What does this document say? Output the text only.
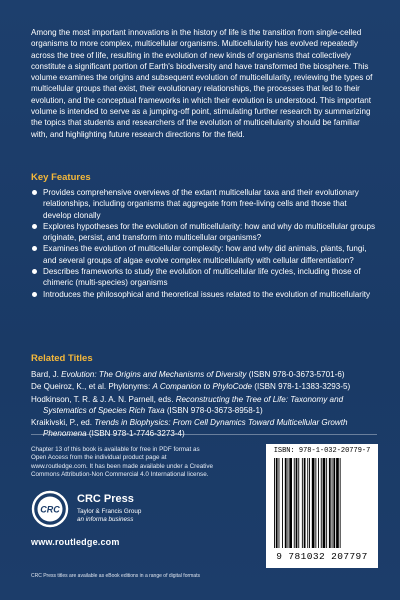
Among the most important innovations in the history of life is the transition from single-celled organisms to more complex, multicellular organisms. Multicellularity has evolved repeatedly across the tree of life, resulting in the evolution of new kinds of organisms that collectively constitute a significant portion of Earth's biodiversity and have transformed the biosphere. This volume examines the origins and subsequent evolution of multicellularity, reviewing the types of multicellular groups that exist, their evolutionary relationships, the processes that led to their evolution, and the conceptual frameworks in which their evolution is understood. This important volume is intended to serve as a jumping-off point, stimulating further research by summarizing the topics that students and researchers of the evolution of multicellularity should be familiar with, and highlighting future research directions for the field.
Key Features
Provides comprehensive overviews of the extant multicellular taxa and their evolutionary relationships, including organisms that aggregate from free-living cells and those that develop clonally
Explores hypotheses for the evolution of multicellularity: how and why do multicellular groups originate, persist, and transform into multicellular organisms?
Examines the evolution of multicellular complexity: how and why did animals, plants, fungi, and several groups of algae evolve complex multicellularity with cellular differentiation?
Describes frameworks to study the evolution of multicellular life cycles, including those of chimeric (multi-species) organisms
Introduces the philosophical and theoretical issues related to the evolution of multicellularity
Related Titles
Bard, J. Evolution: The Origins and Mechanisms of Diversity (ISBN 978-0-3673-5701-6)
De Queiroz, K., et al. Phylonyms: A Companion to PhyloCode (ISBN 978-1-1383-3293-5)
Hodkinson, T. R. & J. A. N. Parnell, eds. Reconstructing the Tree of Life: Taxonomy and Systematics of Species Rich Taxa (ISBN 978-0-3673-8958-1)
Kraikivski, P., ed. Trends in Biophysics: From Cell Dynamics Toward Multicellular Growth Phenomena (ISBN 978-1-7746-3273-4)
Chapter 13 of this book is available for free in PDF format as Open Access from the individual product page at www.routledge.com. It has been made available under a Creative Commons Attribution-Non Commercial 4.0 International license.
CRC
CRC Press
Taylor & Francis Group
an informa business
www.routledge.com
CRC Press titles are available as eBook editions in a range of digital formats
ISBN: 978-1-032-20779-7
9 781032 207797
